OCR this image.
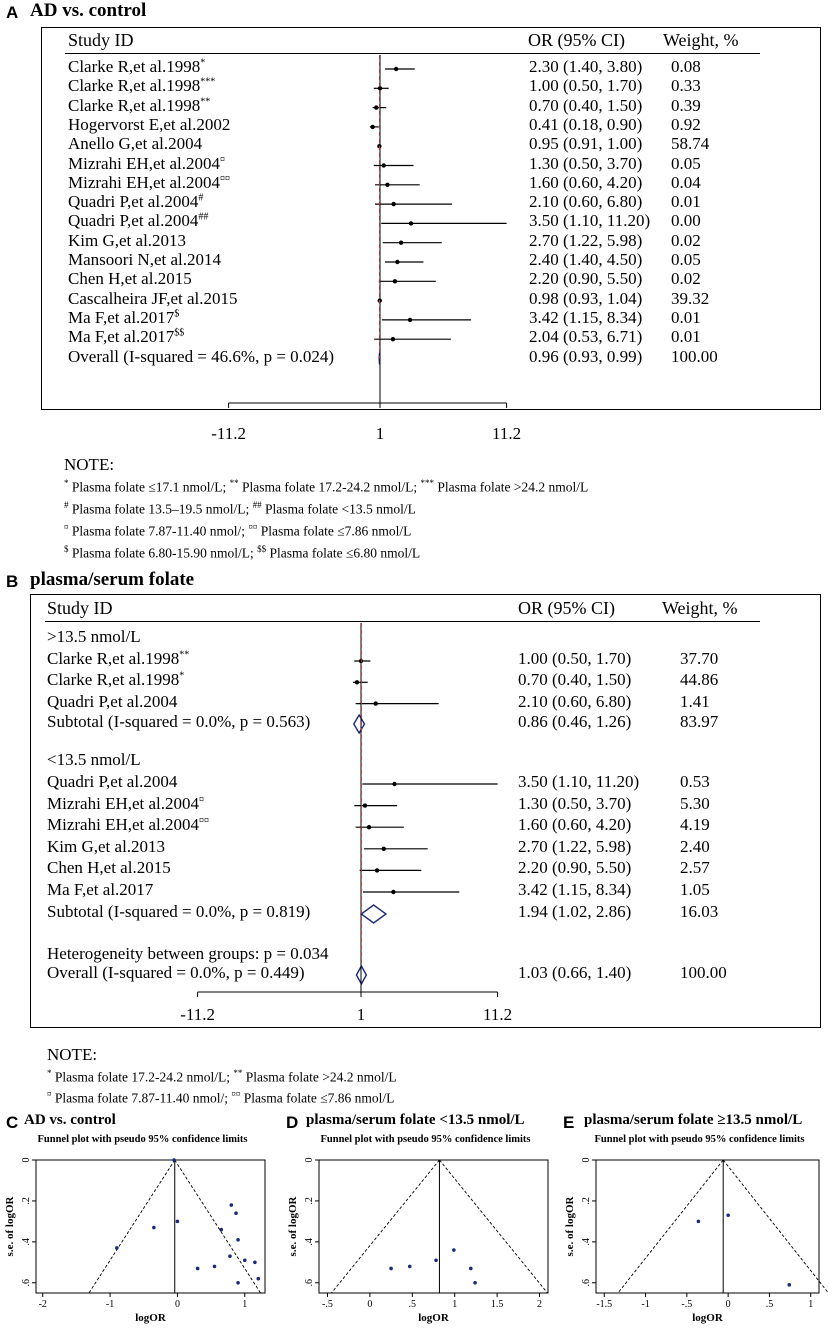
A AD vs. control
Study ID	OR (95% CI) Weight, %
Clarke R,et al.1998*	2.30 (1.40, 3.80) 0.08
Clarke R,et al.1998***	1.00 (0.50, 1.70) 0.33
Clarke R,et al.1998**	0.70 (0.40, 1.50) 0.39
Hogervorst E,et al.2002	0.41 (0.18, 0.90) 0.92
Anello G,et al.2004	0.95 (0.91, 1.00) 58.74
Mizrahi EH,et al.2004¤	1.30 (0.50, 3.70) 0.05
Mizrahi EH,et al.2004¤¤	1.60 (0.60, 4.20) 0.04
Quadri P,et al.2004#	2.10 (0.60, 6.80) 0.01
Quadri P,et al.2004##	3.50 (1.10, 11.20) 0.00
Kim G,et al.2013	2.70 (1.22, 5.98) 0.02
Mansoori N,et al.2014	2.40 (1.40, 4.50) 0.05
Chen H,et al.2015	2.20 (0.90, 5.50) 0.02
Cascalheira JF,et al.2015	0.98 (0.93, 1.04) 39.32
Ma F,et al.2017$	3.42 (1.15, 8.34) 0.01
Ma F,et al.2017$$	2.04 (0.53, 6.71) 0.01
Overall (I-squared = 46.6%, p = 0.024)	0.96 (0.93, 0.99) 100.00
-11.2	1	11.2
NOTE:
* Plasma folate ≤17.1 nmol/L; ** Plasma folate 17.2-24.2 nmol/L; *** Plasma folate >24.2 nmol/L
# Plasma folate 13.5–19.5 nmol/L; ## Plasma folate <13.5 nmol/L
¤ Plasma folate 7.87-11.40 nmol/; ¤¤ Plasma folate ≤7.86 nmol/L
$ Plasma folate 6.80-15.90 nmol/L; $$ Plasma folate ≤6.80 nmol/L
B plasma/serum folate
Study ID	OR (95% CI)	Weight, %
>13.5 nmol/L
Clarke R,et al.1998**	1.00 (0.50, 1.70)	37.70
Clarke R,et al.1998*	0.70 (0.40, 1.50)	44.86
Quadri P,et al.2004	2.10 (0.60, 6.80)	1.41
Subtotal (I-squared = 0.0%, p = 0.563)	0.86 (0.46, 1.26)	83.97
<13.5 nmol/L
Quadri P,et al.2004	3.50 (1.10, 11.20) 0.53
Mizrahi EH,et al.2004¤	1.30 (0.50, 3.70)	5.30
Mizrahi EH,et al.2004¤¤	1.60 (0.60, 4.20)	4.19
Kim G,et al.2013	2.70 (1.22, 5.98)	2.40
Chen H,et al.2015	2.20 (0.90, 5.50)	2.57
Ma F,et al.2017	3.42 (1.15, 8.34)	1.05
Subtotal (I-squared = 0.0%, p = 0.819)	1.94 (1.02, 2.86)	16.03
Heterogeneity between groups: p = 0.034
Overall (I-squared = 0.0%, p = 0.449)	1.03 (0.66, 1.40)	100.00
-11.2	1	11.2
NOTE:
* Plasma folate 17.2-24.2 nmol/L; ** Plasma folate >24.2 nmol/L
¤ Plasma folate 7.87-11.40 nmol/; ¤¤ Plasma folate ≤7.86 nmol/L
C AD vs. control	D plasma/serum folate <13.5 nmol/L E plasma/serum folate ≥13.5 nmol/L
Funnel plot with pseudo 95% confidence limits
-2	-1	0	1
0
.2
.4
.6
logOR
s.e. of logOR
Funnel plot with pseudo 95% confidence limits
-.5	0	.5	1	1.5	2
0
.2
.4
.6
logOR
s.e. of logOR
Funnel plot with pseudo 95% confidence limits
-1.5	-1	-.5	0	.5	1
0
.2
.4
.6
logOR
s.e. of logOR
